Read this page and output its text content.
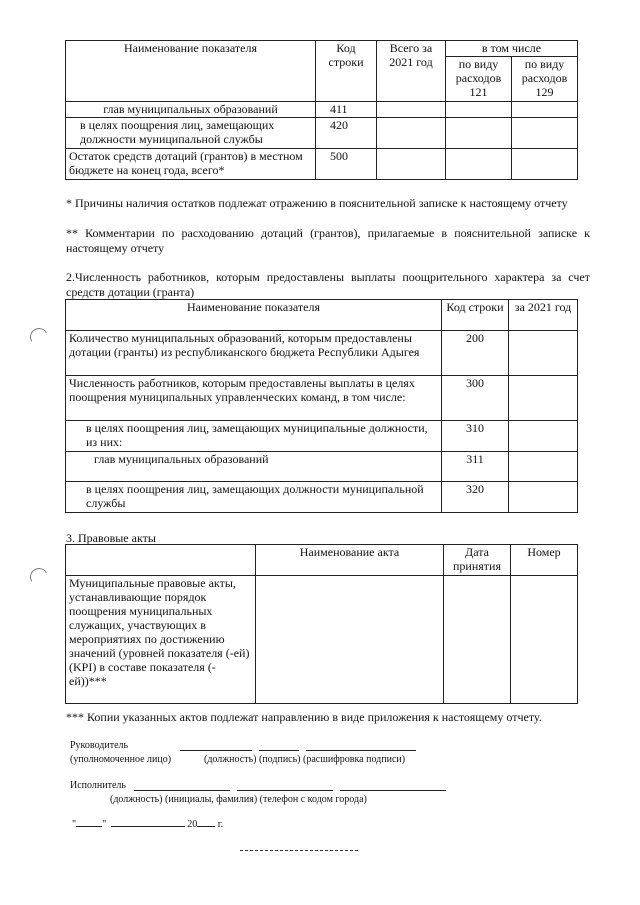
Наименование показателя	Код строки	Всего за 2021 год	в том числе	
			по виду расходов 121	по виду расходов 129
глав муниципальных образований	411			
в целях поощрения лиц, замещающих должности муниципальной службы	420			
Остаток средств дотаций (грантов) в местном бюджете на конец года, всего*	500			
* Причины наличия остатков подлежат отражению в пояснительной записке к настоящему отчету
** Комментарии по расходованию дотаций (грантов), прилагаемые в пояснительной записке к настоящему отчету
2.Численность работников, которым предоставлены выплаты поощрительного характера за счет средств дотации (гранта)
Наименование показателя	Код строки	за 2021 год
Количество муниципальных образований, которым предоставлены дотации (гранты) из республиканского бюджета Республики Адыгея	200	
Численность работников, которым предоставлены выплаты в целях поощрения муниципальных управленческих команд, в том числе:	300	
в целях поощрения лиц, замещающих муниципальные должности, из них:	310	
глав муниципальных образований	311	
в целях поощрения лиц, замещающих должности муниципальной службы	320	
3. Правовые акты
	Наименование акта	Дата принятия	Номер
Муниципальные правовые акты, устанавливающие порядок поощрения муниципальных служащих, участвующих в мероприятиях по достижению значений (уровней показателя (-ей) (KPI) в составе показателя (-ей))***			
*** Копии указанных актов подлежат направлению в виде приложения к настоящему отчету.
Руководитель

(уполномоченное лицо)	(должность) (подпись) (расшифровка подписи)
Исполнитель

(должность) (инициалы, фамилия) (телефон с кодом города)
"	"	20 г.
